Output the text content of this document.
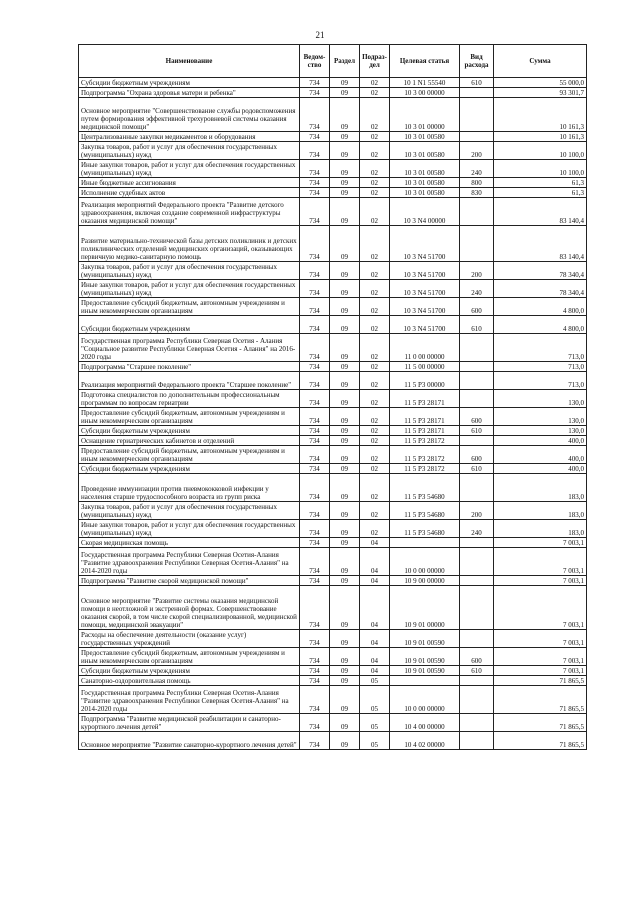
21
Наименование	Ведом-ство	Раздел	Подраз-дел	Целевая статья	Вид расхода	Сумма
Субсидии бюджетным учреждениям	734	09	02	10 1 N1 55540	610	55 000,0
Подпрограмма "Охрана здоровья матери и ребенка"	734	09	02	10 3 00 00000		93 301,7
Основное мероприятие "Совершенствование службы родовспоможения путем формирования эффективной трехуровневой системы оказания медицинской помощи"	734	09	02	10 3 01 00000		10 161,3
Централизованные закупки медикаментов и оборудования	734	09	02	10 3 01 00580		10 161,3
Закупка товаров, работ и услуг для обеспечения государственных (муниципальных) нужд	734	09	02	10 3 01 00580	200	10 100,0
Иные закупки товаров, работ и услуг для обеспечения государственных (муниципальных) нужд	734	09	02	10 3 01 00580	240	10 100,0
Иные бюджетные ассигнования	734	09	02	10 3 01 00580	800	61,3
Исполнение судебных актов	734	09	02	10 3 01 00580	830	61,3
Реализация мероприятий Федерального проекта "Развитие детского здравоохранения, включая создание современной инфраструктуры оказания медицинской помощи"	734	09	02	10 3 N4 00000		83 140,4
Развитие материально-технической базы детских поликлиник и детских поликлинических отделений медицинских организаций, оказывающих первичную медико-санитарную помощь	734	09	02	10 3 N4 51700		83 140,4
Закупка товаров, работ и услуг для обеспечения государственных (муниципальных) нужд	734	09	02	10 3 N4 51700	200	78 340,4
Иные закупки товаров, работ и услуг для обеспечения государственных (муниципальных) нужд	734	09	02	10 3 N4 51700	240	78 340,4
Предоставление субсидий бюджетным, автономным учреждениям и иным некоммерческим организациям	734	09	02	10 3 N4 51700	600	4 800,0
Субсидии бюджетным учреждениям	734	09	02	10 3 N4 51700	610	4 800,0
Государственная программа Республики Северная Осетия - Алания "Социальное развитие Республики Северная Осетия - Алания" на 2016-2020 годы	734	09	02	11 0 00 00000		713,0
Подпрограмма "Старшее поколение"	734	09	02	11 5 00 00000		713,0
Реализация мероприятий Федерального проекта "Старшее поколение"	734	09	02	11 5 P3 00000		713,0
Подготовка специалистов по дополнительным профессиональным программам по вопросам гериатрии	734	09	02	11 5 P3 28171		130,0
Предоставление субсидий бюджетным, автономным учреждениям и иным некоммерческим организациям	734	09	02	11 5 P3 28171	600	130,0
Субсидии бюджетным учреждениям	734	09	02	11 5 P3 28171	610	130,0
Оснащение гериатрических кабинетов и отделений	734	09	02	11 5 P3 28172		400,0
Предоставление субсидий бюджетным, автономным учреждениям и иным некоммерческим организациям	734	09	02	11 5 P3 28172	600	400,0
Субсидии бюджетным учреждениям	734	09	02	11 5 P3 28172	610	400,0
Проведение иммунизации против пневмококковой инфекции у населения старше трудоспособного возраста из групп риска	734	09	02	11 5 P3 54680		183,0
Закупка товаров, работ и услуг для обеспечения государственных (муниципальных) нужд	734	09	02	11 5 P3 54680	200	183,0
Иные закупки товаров, работ и услуг для обеспечения государственных (муниципальных) нужд	734	09	02	11 5 P3 54680	240	183,0
Скорая медицинская помощь	734	09	04			7 003,1
Государственная программа Республики Северная Осетия-Алания "Развитие здравоохранения Республики Северная Осетия-Алания" на 2014-2020 годы	734	09	04	10 0 00 00000		7 003,1
Подпрограмма "Развитие скорой медицинской помощи"	734	09	04	10 9 00 00000		7 003,1
Основное мероприятие "Развитие системы оказания медицинской помощи в неотложной и экстренной формах. Совершенствование оказания скорой, в том числе скорой специализированной, медицинской помощи, медицинской эвакуации"	734	09	04	10 9 01 00000		7 003,1
Расходы на обеспечение деятельности (оказание услуг) государственных учреждений	734	09	04	10 9 01 00590		7 003,1
Предоставление субсидий бюджетным, автономным учреждениям и иным некоммерческим организациям	734	09	04	10 9 01 00590	600	7 003,1
Субсидии бюджетным учреждениям	734	09	04	10 9 01 00590	610	7 003,1
Санаторно-оздоровительная помощь	734	09	05			71 865,5
Государственная программа Республики Северная Осетия-Алания "Развитие здравоохранения Республики Северная Осетия-Алания" на 2014-2020 годы	734	09	05	10 0 00 00000		71 865,5
Подпрограмма "Развитие медицинской реабилитации и санаторно-курортного лечения детей"	734	09	05	10 4 00 00000		71 865,5
Основное мероприятие "Развитие санаторно-курортного лечения детей"	734	09	05	10 4 02 00000		71 865,5
